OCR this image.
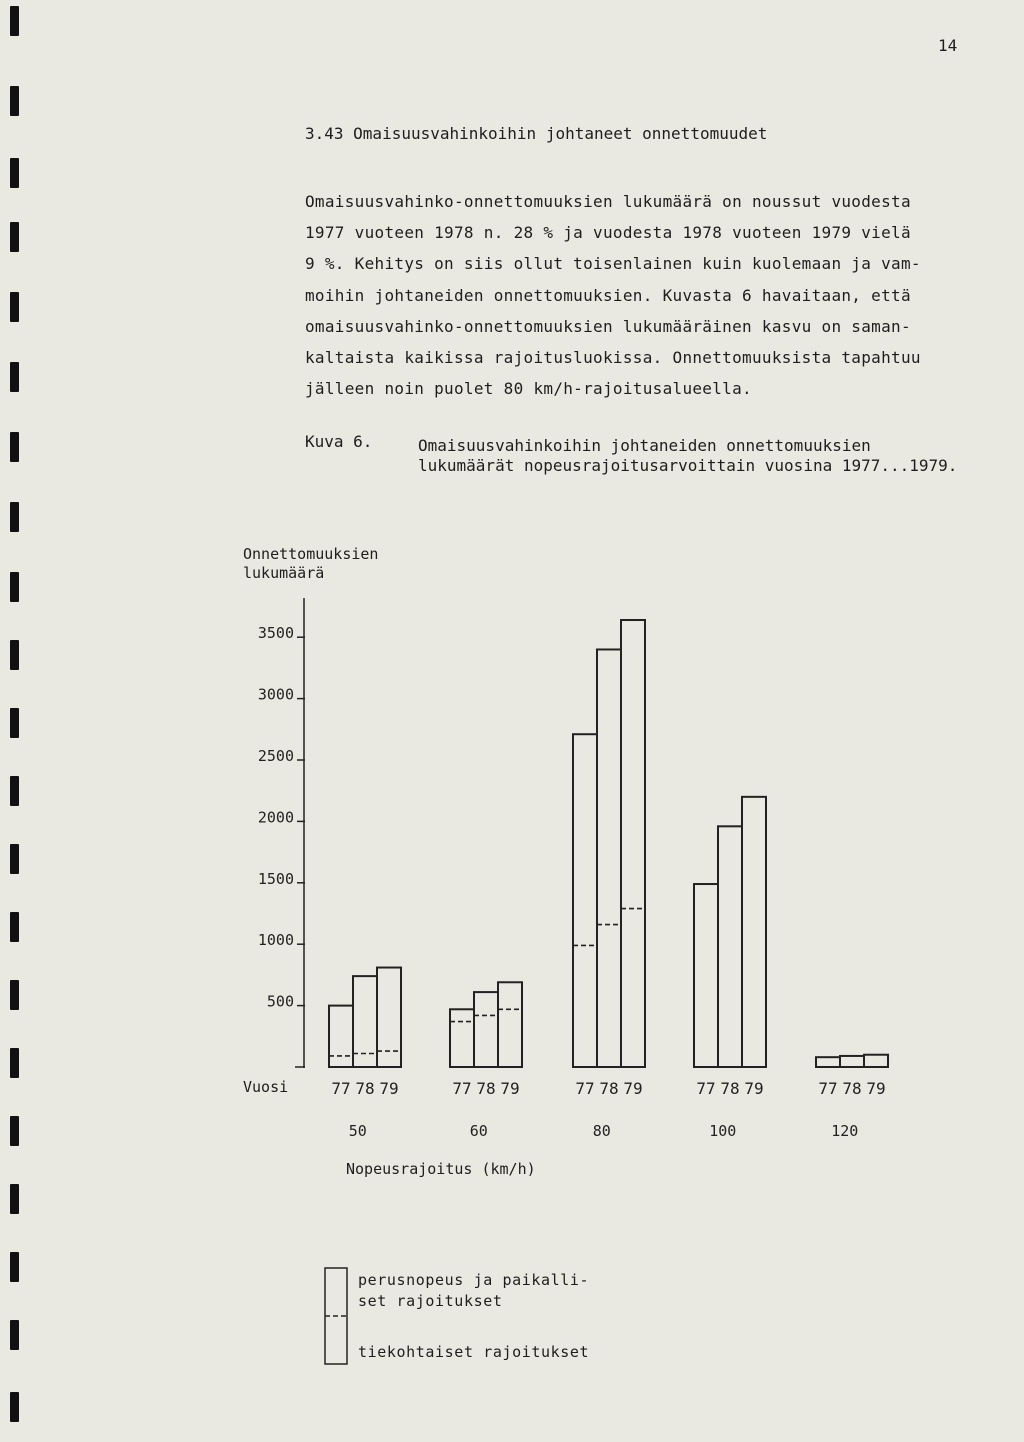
14
3.43 Omaisuusvahinkoihin johtaneet onnettomuudet
Omaisuusvahinko-onnettomuuksien lukumäärä on noussut vuodesta
1977 vuoteen 1978 n. 28 % ja vuodesta 1978 vuoteen 1979 vielä
9 %. Kehitys on siis ollut toisenlainen kuin kuolemaan ja vam-
moihin johtaneiden onnettomuuksien. Kuvasta 6 havaitaan, että
omaisuusvahinko-onnettomuuksien lukumääräinen kasvu on saman-
kaltaista kaikissa rajoitusluokissa. Onnettomuuksista tapahtuu
jälleen noin puolet 80 km/h-rajoitusalueella.
Kuva 6.	Omaisuusvahinkoihin johtaneiden onnettomuuksien
lukumäärät nopeusrajoitusarvoittain vuosina 1977...1979.
Onnettomuuksien
lukumäärä
500
1000
1500
2000
2500
3000
3500
77 78 79
50
77 78 79
60
77 78 79
80
77 78 79
100
77 78 79
120
perusnopeus ja paikalli-
set rajoitukset
tiekohtaiset rajoitukset
Vuosi
Nopeusrajoitus (km/h)
